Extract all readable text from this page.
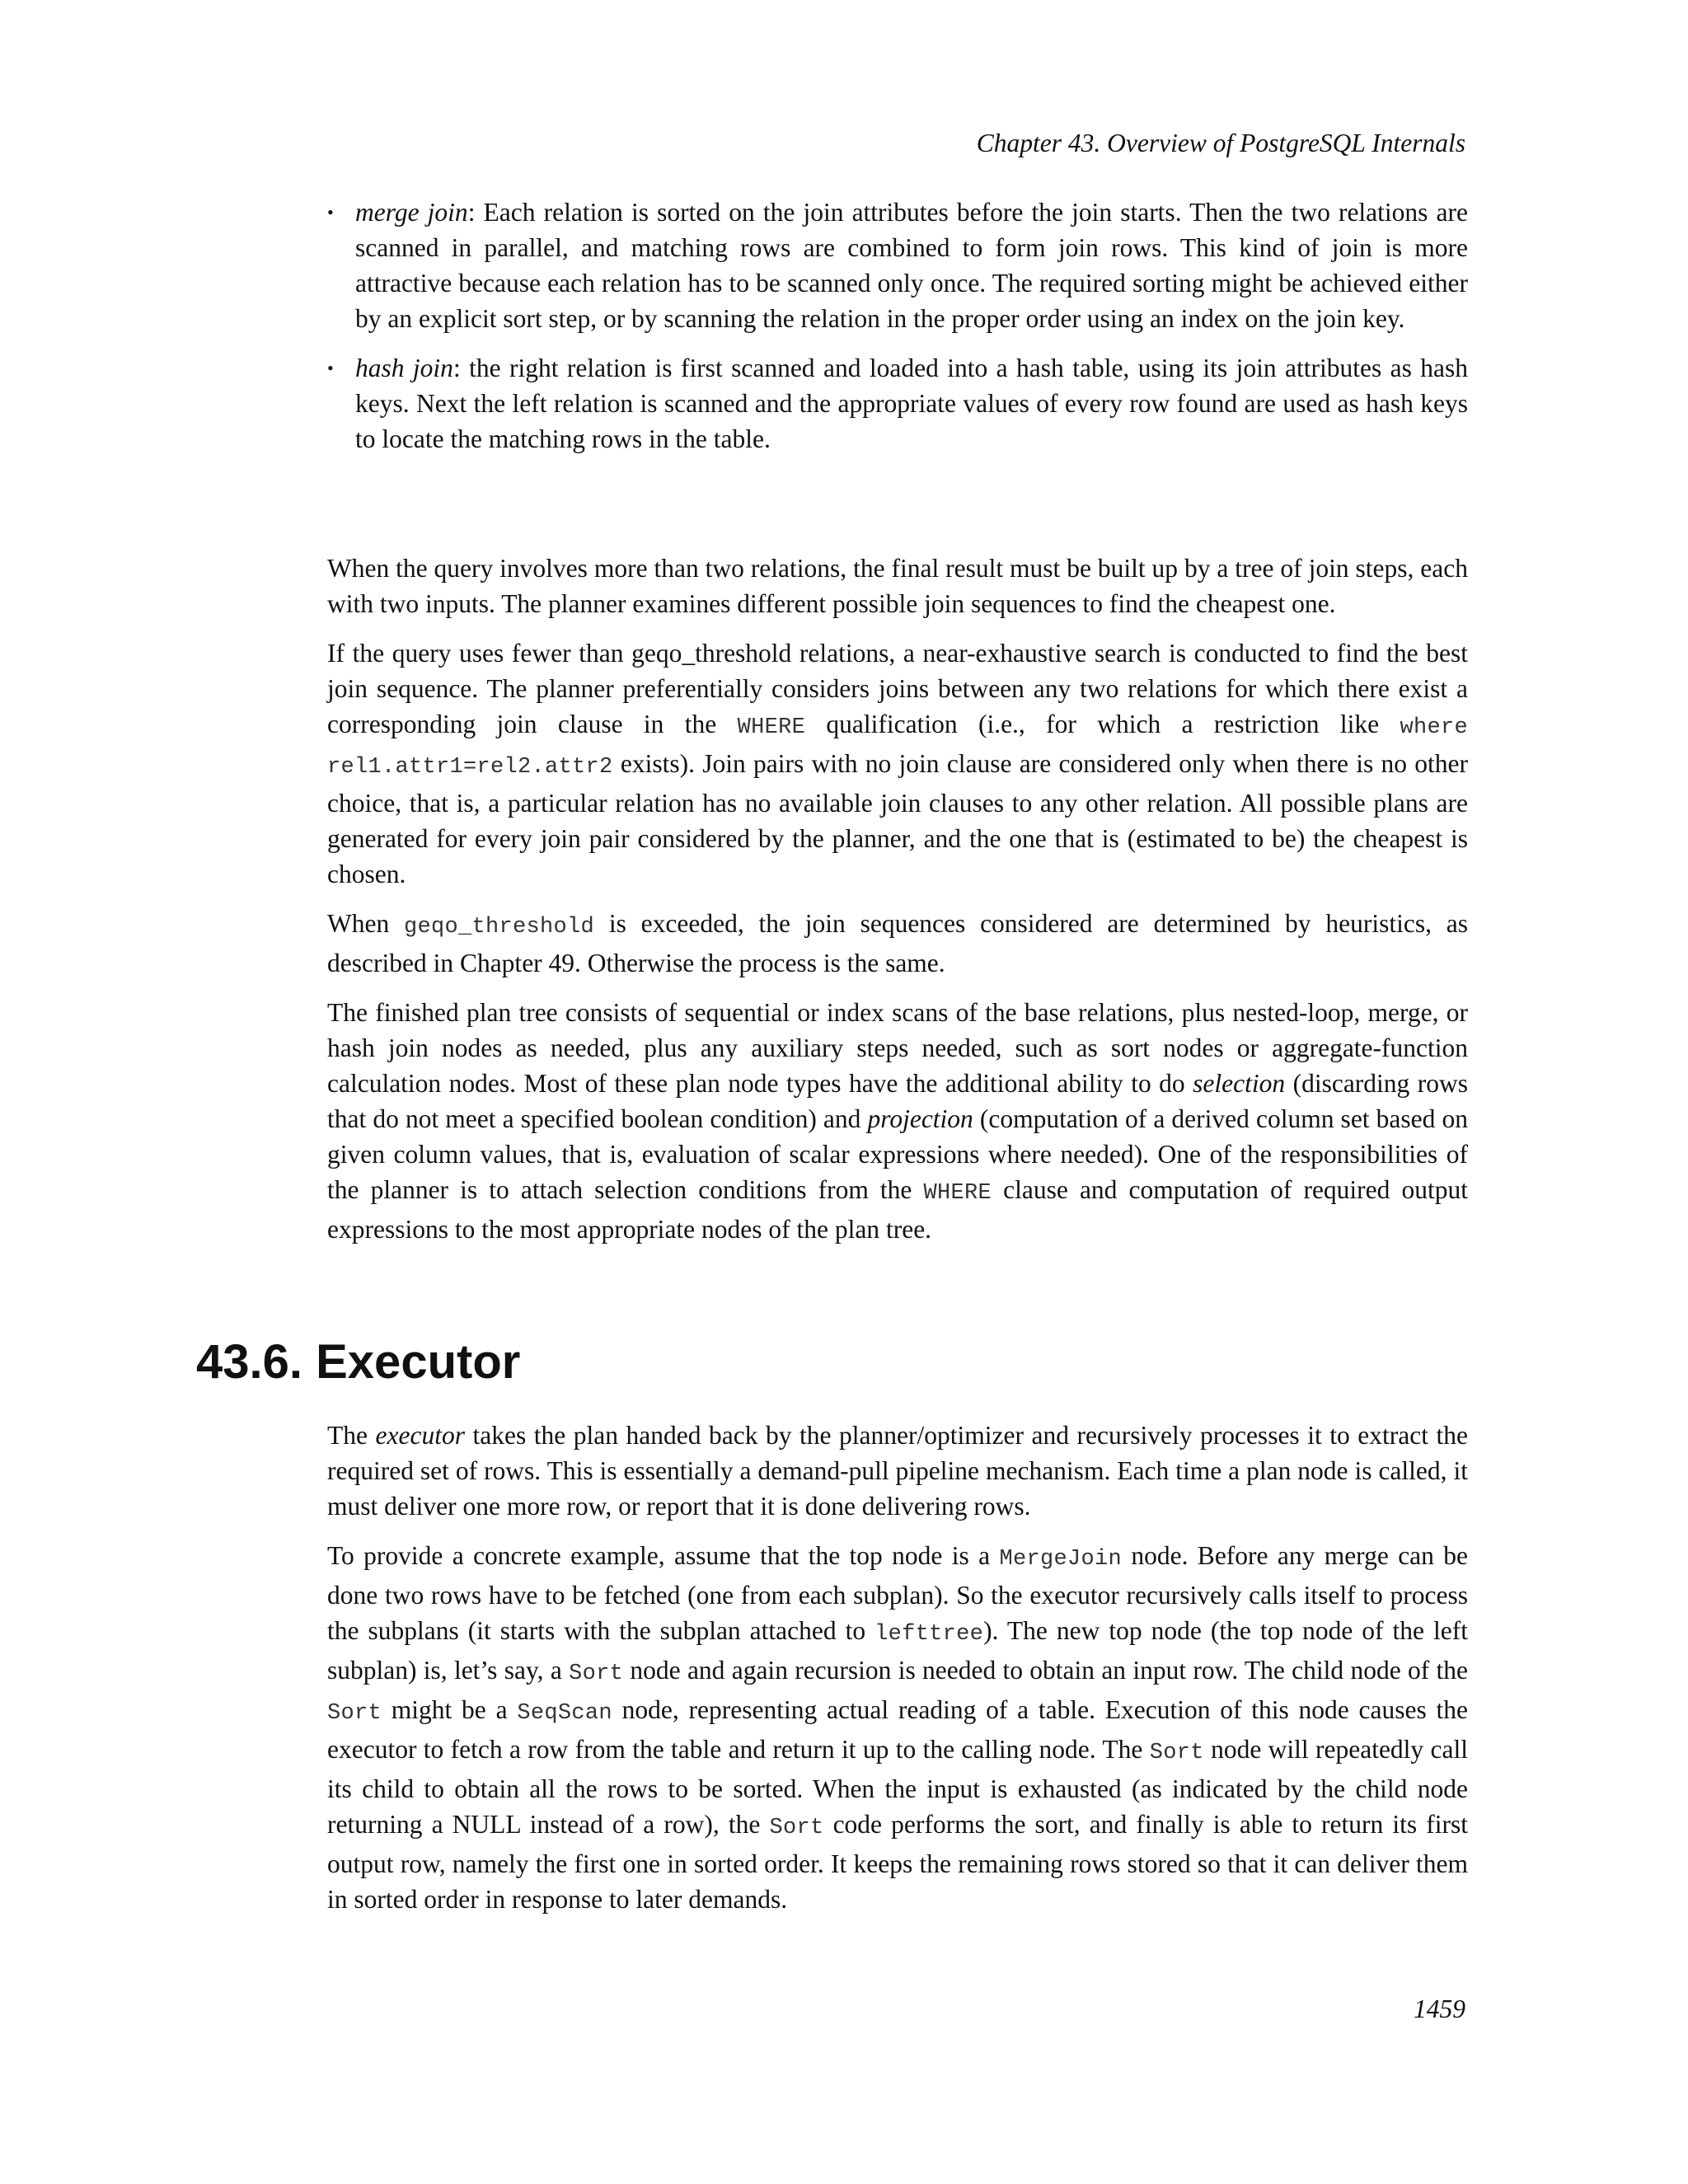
Chapter 43. Overview of PostgreSQL Internals
• merge join: Each relation is sorted on the join attributes before the join starts. Then the two relations are scanned in parallel, and matching rows are combined to form join rows. This kind of join is more attractive because each relation has to be scanned only once. The required sorting might be achieved either by an explicit sort step, or by scanning the relation in the proper order using an index on the join key.
• hash join: the right relation is first scanned and loaded into a hash table, using its join attributes as hash keys. Next the left relation is scanned and the appropriate values of every row found are used as hash keys to locate the matching rows in the table.

When the query involves more than two relations, the final result must be built up by a tree of join steps, each with two inputs. The planner examines different possible join sequences to find the cheapest one.

If the query uses fewer than geqo_threshold relations, a near-exhaustive search is conducted to find the best join sequence. The planner preferentially considers joins between any two relations for which there exist a corresponding join clause in the WHERE qualification (i.e., for which a restriction like where rel1.attr1=rel2.attr2 exists). Join pairs with no join clause are considered only when there is no other choice, that is, a particular relation has no available join clauses to any other relation. All possible plans are generated for every join pair considered by the planner, and the one that is (estimated to be) the cheapest is chosen.

When geqo_threshold is exceeded, the join sequences considered are determined by heuristics, as described in Chapter 49. Otherwise the process is the same.

The finished plan tree consists of sequential or index scans of the base relations, plus nested-loop, merge, or hash join nodes as needed, plus any auxiliary steps needed, such as sort nodes or aggregate-function calculation nodes. Most of these plan node types have the additional ability to do selection (discarding rows that do not meet a specified boolean condition) and projection (computation of a derived column set based on given column values, that is, evaluation of scalar expressions where needed). One of the responsibilities of the planner is to attach selection conditions from the WHERE clause and computation of required output expressions to the most appropriate nodes of the plan tree.

43.6. Executor

The executor takes the plan handed back by the planner/optimizer and recursively processes it to extract the required set of rows. This is essentially a demand-pull pipeline mechanism. Each time a plan node is called, it must deliver one more row, or report that it is done delivering rows.

To provide a concrete example, assume that the top node is a MergeJoin node. Before any merge can be done two rows have to be fetched (one from each subplan). So the executor recursively calls itself to process the subplans (it starts with the subplan attached to lefttree). The new top node (the top node of the left subplan) is, let’s say, a Sort node and again recursion is needed to obtain an input row. The child node of the Sort might be a SeqScan node, representing actual reading of a table. Execution of this node causes the executor to fetch a row from the table and return it up to the calling node. The Sort node will repeatedly call its child to obtain all the rows to be sorted. When the input is exhausted (as indicated by the child node returning a NULL instead of a row), the Sort code performs the sort, and finally is able to return its first output row, namely the first one in sorted order. It keeps the remaining rows stored so that it can deliver them in sorted order in response to later demands.

1459
